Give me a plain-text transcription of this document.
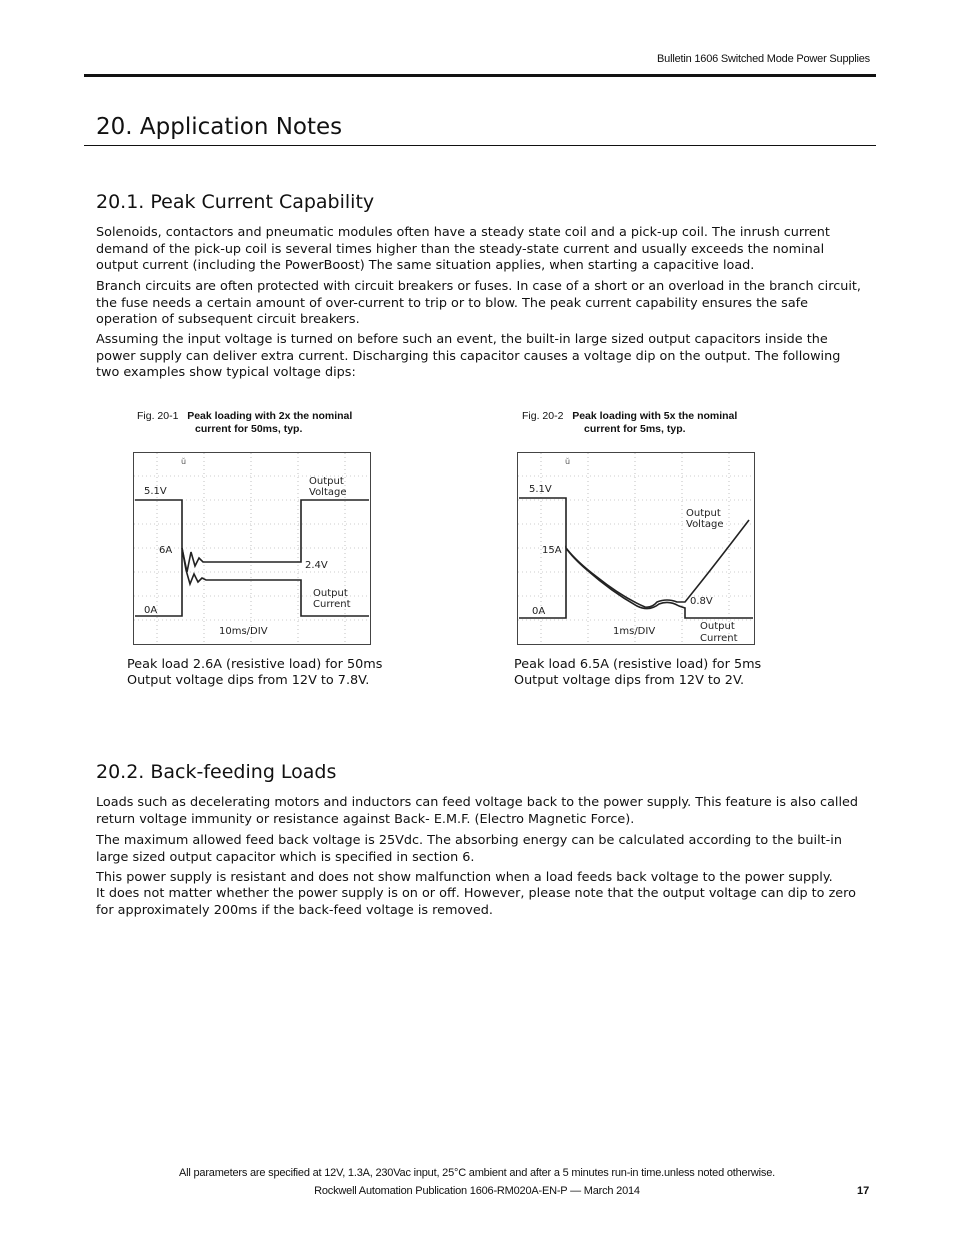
Bulletin 1606 Switched Mode Power Supplies
20. Application Notes
20.1. Peak Current Capability

Solenoids, contactors and pneumatic modules often have a steady state coil and a pick-up coil. The inrush current demand of the pick-up coil is several times higher than the steady-state current and usually exceeds the nominal output current (including the PowerBoost) The same situation applies, when starting a capacitive load.

Branch circuits are often protected with circuit breakers or fuses. In case of a short or an overload in the branch circuit, the fuse needs a certain amount of over-current to trip or to blow. The peak current capability ensures the safe operation of subsequent circuit breakers.

Assuming the input voltage is turned on before such an event, the built-in large sized output capacitors inside the power supply can deliver extra current. Discharging this capacitor causes a voltage dip on the output. The following two examples show typical voltage dips:

Fig. 20-1 Peak loading with 2x the nominal
current for 50ms, typ.
ŭ
5.1V
6A
2.4V
0A
Output
Voltage
Output
Current
10ms/DIV
Peak load 2.6A (resistive load) for 50ms
Output voltage dips from 12V to 7.8V.
Fig. 20-2 Peak loading with 5x the nominal
current for 5ms, typ.
ŭ
5.1V
15A
0.8V
0A
Output
Voltage
Output
Current
1ms/DIV
Peak load 6.5A (resistive load) for 5ms
Output voltage dips from 12V to 2V.
20.2. Back-feeding Loads

Loads such as decelerating motors and inductors can feed voltage back to the power supply. This feature is also called return voltage immunity or resistance against Back- E.M.F. (Electro Magnetic Force).

The maximum allowed feed back voltage is 25Vdc. The absorbing energy can be calculated according to the built-in large sized output capacitor which is specified in section 6.

This power supply is resistant and does not show malfunction when a load feeds back voltage to the power supply.

It does not matter whether the power supply is on or off. However, please note that the output voltage can dip to zero for approximately 200ms if the back-feed voltage is removed.

All parameters are specified at 12V, 1.3A, 230Vac input, 25°C ambient and after a 5 minutes run-in time.unless noted otherwise.
Rockwell Automation Publication 1606-RM020A-EN-P — March 2014	17
